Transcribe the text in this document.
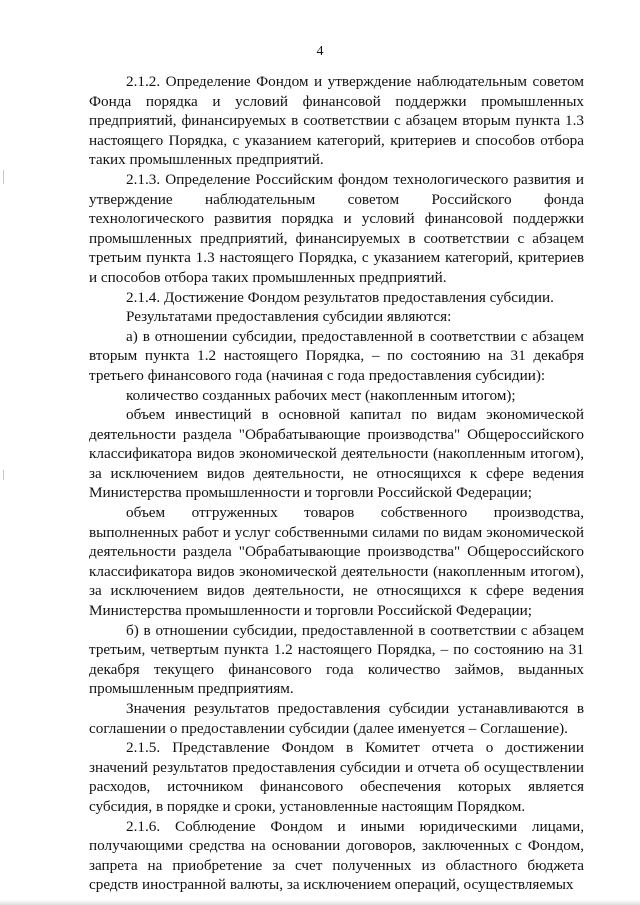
4

2.1.2. Определение Фондом и утверждение наблюдательным советом Фонда порядка и условий финансовой поддержки промышленных предприятий, финансируемых в соответствии с абзацем вторым пункта 1.3 настоящего Порядка, с указанием категорий, критериев и способов отбора таких промышленных предприятий.

2.1.3. Определение Российским фондом технологического развития и утверждение наблюдательным советом Российского фонда технологического развития порядка и условий финансовой поддержки промышленных предприятий, финансируемых в соответствии с абзацем третьим пункта 1.3 настоящего Порядка, с указанием категорий, критериев и способов отбора таких промышленных предприятий.

2.1.4. Достижение Фондом результатов предоставления субсидии.

Результатами предоставления субсидии являются:

а) в отношении субсидии, предоставленной в соответствии с абзацем вторым пункта 1.2 настоящего Порядка, – по состоянию на 31 декабря третьего финансового года (начиная с года предоставления субсидии):

количество созданных рабочих мест (накопленным итогом);

объем инвестиций в основной капитал по видам экономической деятельности раздела "Обрабатывающие производства" Общероссийского классификатора видов экономической деятельности (накопленным итогом), за исключением видов деятельности, не относящихся к сфере ведения Министерства промышленности и торговли Российской Федерации;

объем отгруженных товаров собственного производства, выполненных работ и услуг собственными силами по видам экономической деятельности раздела "Обрабатывающие производства" Общероссийского классификатора видов экономической деятельности (накопленным итогом), за исключением видов деятельности, не относящихся к сфере ведения Министерства промышленности и торговли Российской Федерации;

б) в отношении субсидии, предоставленной в соответствии с абзацем третьим, четвертым пункта 1.2 настоящего Порядка, – по состоянию на 31 декабря текущего финансового года количество займов, выданных промышленным предприятиям.

Значения результатов предоставления субсидии устанавливаются в соглашении о предоставлении субсидии (далее именуется – Соглашение).

2.1.5. Представление Фондом в Комитет отчета о достижении значений результатов предоставления субсидии и отчета об осуществлении расходов, источником финансового обеспечения которых является субсидия, в порядке и сроки, установленные настоящим Порядком.

2.1.6. Соблюдение Фондом и иными юридическими лицами, получающими средства на основании договоров, заключенных с Фондом, запрета на приобретение за счет полученных из областного бюджета средств иностранной валюты, за исключением операций, осуществляемых
